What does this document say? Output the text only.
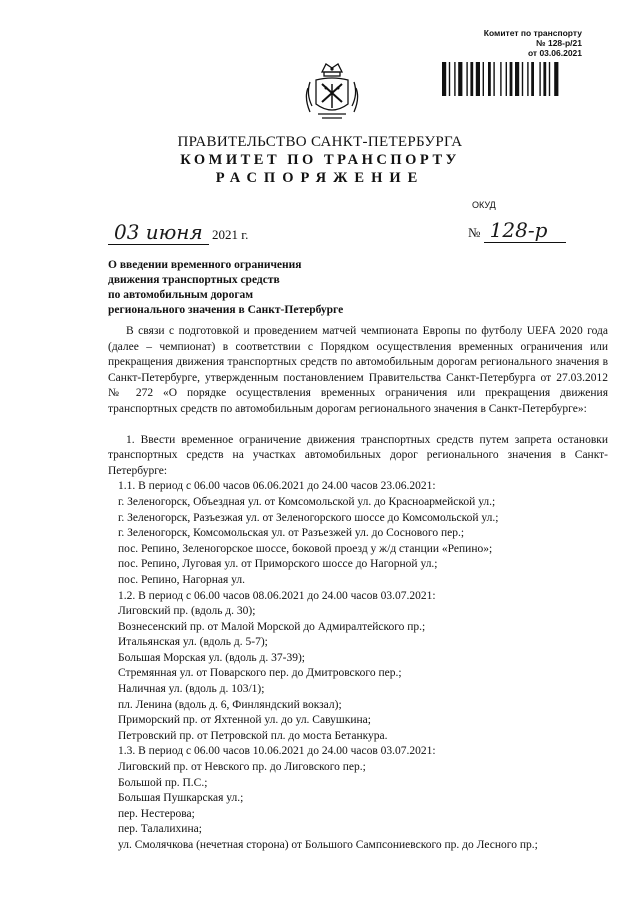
Комитет по транспорту
№ 128-р/21
от 03.06.2021
ПРАВИТЕЛЬСТВО САНКТ-ПЕТЕРБУРГА
КОМИТЕТ ПО ТРАНСПОРТУ
РАСПОРЯЖЕНИЕ
ОКУД
03 июня 2021 г.	№ 128-р
О введении временного ограничения
движения транспортных средств
по автомобильным дорогам
регионального значения в Санкт-Петербурге

В связи с подготовкой и проведением матчей чемпионата Европы по футболу UEFA 2020 года (далее – чемпионат) в соответствии с Порядком осуществления временных ограничения или прекращения движения транспортных средств по автомобильным дорогам регионального значения в Санкт-Петербурге, утвержденным постановлением Правительства Санкт-Петербурга от 27.03.2012 № 272 «О порядке осуществления временных ограничения или прекращения движения транспортных средств по автомобильным дорогам регионального значения в Санкт-Петербурге»:

1. Ввести временное ограничение движения транспортных средств путем запрета остановки транспортных средств на участках автомобильных дорог регионального значения в Санкт-Петербурге:

1.1. В период с 06.00 часов 06.06.2021 до 24.00 часов 23.06.2021:
г. Зеленогорск, Объездная ул. от Комсомольской ул. до Красноармейской ул.;
г. Зеленогорск, Разъезжая ул. от Зеленогорского шоссе до Комсомольской ул.;
г. Зеленогорск, Комсомольская ул. от Разъезжей ул. до Соснового пер.;
пос. Репино, Зеленогорское шоссе, боковой проезд у ж/д станции «Репино»;
пос. Репино, Луговая ул. от Приморского шоссе до Нагорной ул.;
пос. Репино, Нагорная ул.
1.2. В период с 06.00 часов 08.06.2021 до 24.00 часов 03.07.2021:
Лиговский пр. (вдоль д. 30);
Вознесенский пр. от Малой Морской до Адмиралтейского пр.;
Итальянская ул. (вдоль д. 5-7);
Большая Морская ул. (вдоль д. 37-39);
Стремянная ул. от Поварского пер. до Дмитровского пер.;
Наличная ул. (вдоль д. 103/1);
пл. Ленина (вдоль д. 6, Финляндский вокзал);
Приморский пр. от Яхтенной ул. до ул. Савушкина;
Петровский пр. от Петровской пл. до моста Бетанкура.
1.3. В период с 06.00 часов 10.06.2021 до 24.00 часов 03.07.2021:
Лиговский пр. от Невского пр. до Лиговского пер.;
Большой пр. П.С.;
Большая Пушкарская ул.;
пер. Нестерова;
пер. Талалихина;
ул. Смолячкова (нечетная сторона) от Большого Сампсониевского пр. до Лесного пр.;
